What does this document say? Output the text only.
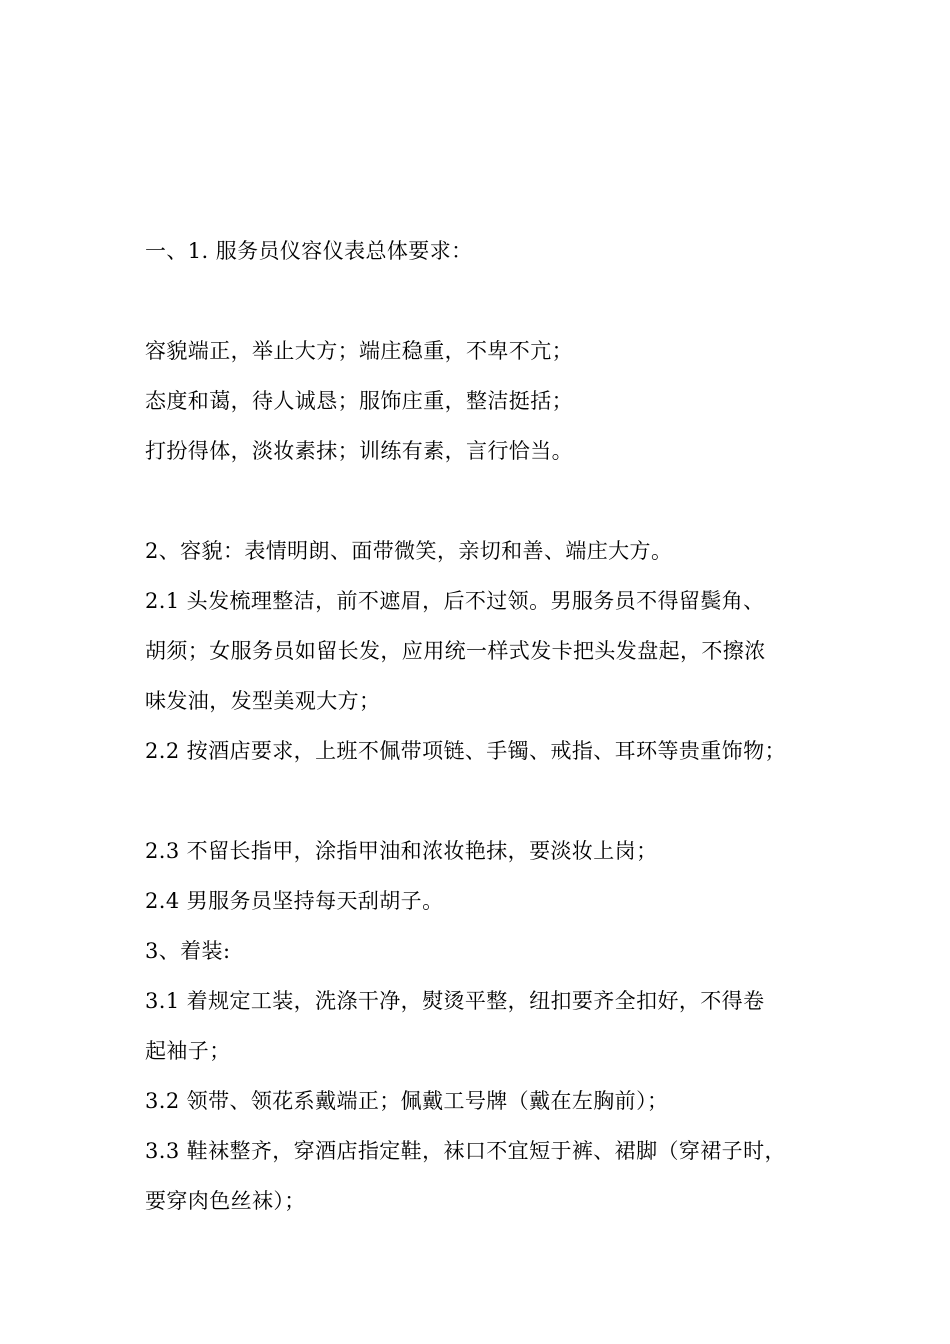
一、1. 服务员仪容仪表总体要求：
容貌端正，举止大方；端庄稳重，不卑不亢；
态度和蔼，待人诚恳；服饰庄重，整洁挺括；
打扮得体，淡妆素抹；训练有素，言行恰当。
2、容貌：表情明朗、面带微笑，亲切和善、端庄大方。
2.1 头发梳理整洁，前不遮眉，后不过领。男服务员不得留鬓角、
胡须；女服务员如留长发，应用统一样式发卡把头发盘起，不擦浓
味发油，发型美观大方；
2.2 按酒店要求，上班不佩带项链、手镯、戒指、耳环等贵重饰物；
2.3 不留长指甲，涂指甲油和浓妆艳抹，要淡妆上岗；
2.4 男服务员坚持每天刮胡子。
3、着装:
3.1 着规定工装，洗涤干净，熨烫平整，纽扣要齐全扣好，不得卷
起袖子；
3.2 领带、领花系戴端正；佩戴工号牌（戴在左胸前）；
3.3 鞋袜整齐，穿酒店指定鞋，袜口不宜短于裤、裙脚（穿裙子时，
要穿肉色丝袜）；
